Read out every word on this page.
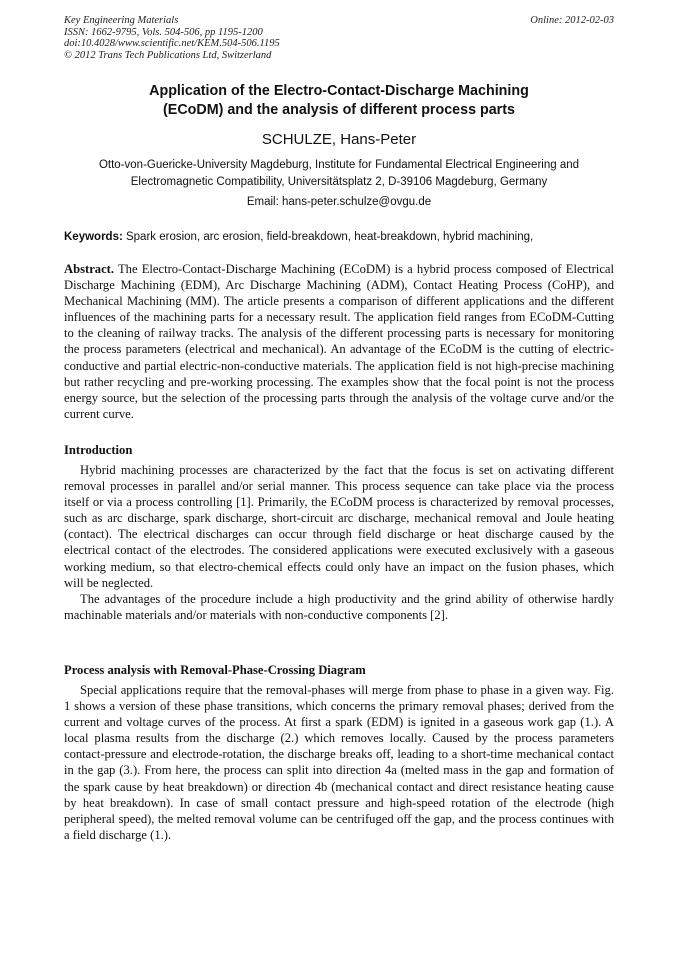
Key Engineering Materials
ISSN: 1662-9795, Vols. 504-506, pp 1195-1200
doi:10.4028/www.scientific.net/KEM.504-506.1195
© 2012 Trans Tech Publications Ltd, Switzerland
Online: 2012-02-03
Application of the Electro-Contact-Discharge Machining
(ECoDM) and the analysis of different process parts
SCHULZE, Hans-Peter
Otto-von-Guericke-University Magdeburg, Institute for Fundamental Electrical Engineering and
Electromagnetic Compatibility, Universitätsplatz 2, D-39106 Magdeburg, Germany
Email: hans-peter.schulze@ovgu.de
Keywords: Spark erosion, arc erosion, field-breakdown, heat-breakdown, hybrid machining,

Abstract. The Electro-Contact-Discharge Machining (ECoDM) is a hybrid process composed of Electrical Discharge Machining (EDM), Arc Discharge Machining (ADM), Contact Heating Process (CoHP), and Mechanical Machining (MM). The article presents a comparison of different applications and the different influences of the machining parts for a necessary result. The application field ranges from ECoDM-Cutting to the cleaning of railway tracks. The analysis of the different processing parts is necessary for monitoring the process parameters (electrical and mechanical). An advantage of the ECoDM is the cutting of electric-conductive and partial electric-non-conductive materials. The application field is not high-precise machining but rather recycling and pre-working processing. The examples show that the focal point is not the process energy source, but the selection of the processing parts through the analysis of the voltage curve and/or the current curve.

Introduction

Hybrid machining processes are characterized by the fact that the focus is set on activating different removal processes in parallel and/or serial manner. This process sequence can take place via the process itself or via a process controlling [1]. Primarily, the ECoDM process is characterized by removal processes, such as arc discharge, spark discharge, short-circuit arc discharge, mechanical removal and Joule heating (contact). The electrical discharges can occur through field discharge or heat discharge caused by the electrical contact of the electrodes. The considered applications were executed exclusively with a gaseous working medium, so that electro-chemical effects could only have an impact on the fusion phases, which will be neglected.

The advantages of the procedure include a high productivity and the grind ability of otherwise hardly machinable materials and/or materials with non-conductive components [2].

Process analysis with Removal-Phase-Crossing Diagram

Special applications require that the removal-phases will merge from phase to phase in a given way. Fig. 1 shows a version of these phase transitions, which concerns the primary removal phases; derived from the current and voltage curves of the process. At first a spark (EDM) is ignited in a gaseous work gap (1.). A local plasma results from the discharge (2.) which removes locally. Caused by the process parameters contact-pressure and electrode-rotation, the discharge breaks off, leading to a short-time mechanical contact in the gap (3.). From here, the process can split into direction 4a (melted mass in the gap and formation of the spark cause by heat breakdown) or direction 4b (mechanical contact and direct resistance heating cause by heat breakdown). In case of small contact pressure and high-speed rotation of the electrode (high peripheral speed), the melted removal volume can be centrifuged off the gap, and the process continues with a field discharge (1.).
